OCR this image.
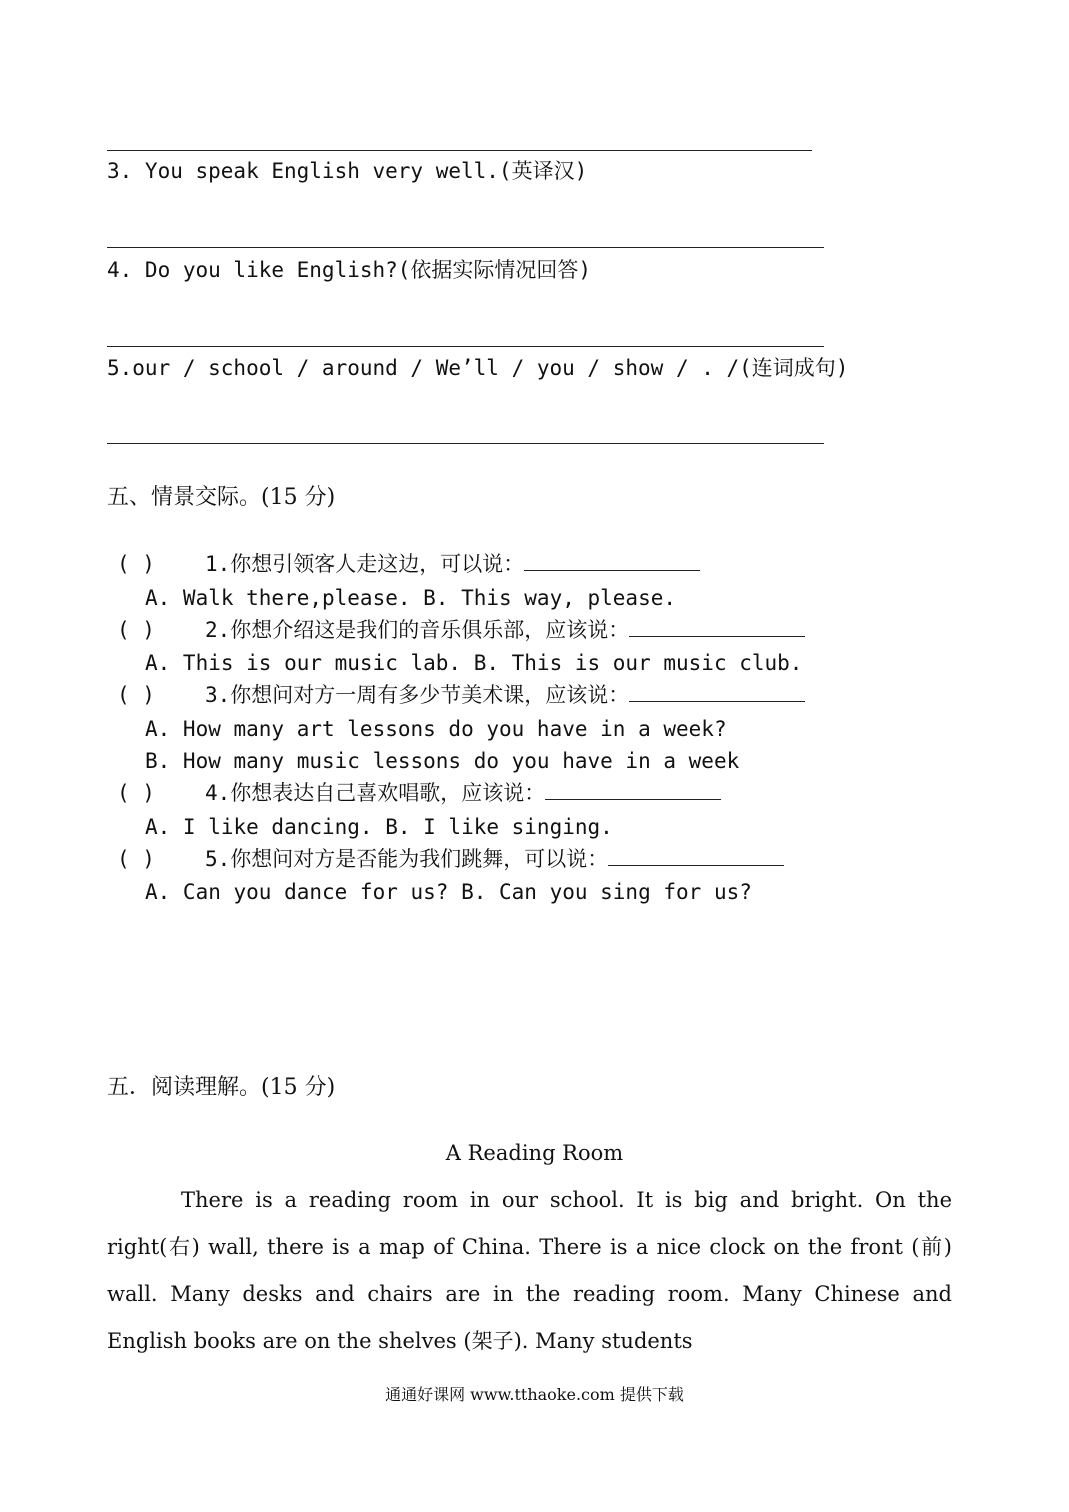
3. You speak English very well.(英译汉)
4. Do you like English?(依据实际情况回答)
5.our / school / around / We’ll / you / show / . /(连词成句)
五、情景交际。(15 分)
( ) 1.你想引领客人走这边，可以说：
A. Walk there,please. B. This way, please.
( ) 2.你想介绍这是我们的音乐俱乐部，应该说：
A. This is our music lab. B. This is our music club.
( ) 3.你想问对方一周有多少节美术课，应该说：
A. How many art lessons do you have in a week?
B. How many music lessons do you have in a week
( ) 4.你想表达自己喜欢唱歌，应该说：
A. I like dancing. B. I like singing.
( ) 5.你想问对方是否能为我们跳舞，可以说：
A. Can you dance for us? B. Can you sing for us?
五．阅读理解。(15 分)
A Reading Room
There is a reading room in our school. It is big and bright. On the right(右) wall, there is a map of China. There is a nice clock on the front (前) wall. Many desks and chairs are in the reading room. Many Chinese and English books are on the shelves (架子). Many students
通通好课网 www.tthaoke.com 提供下载
